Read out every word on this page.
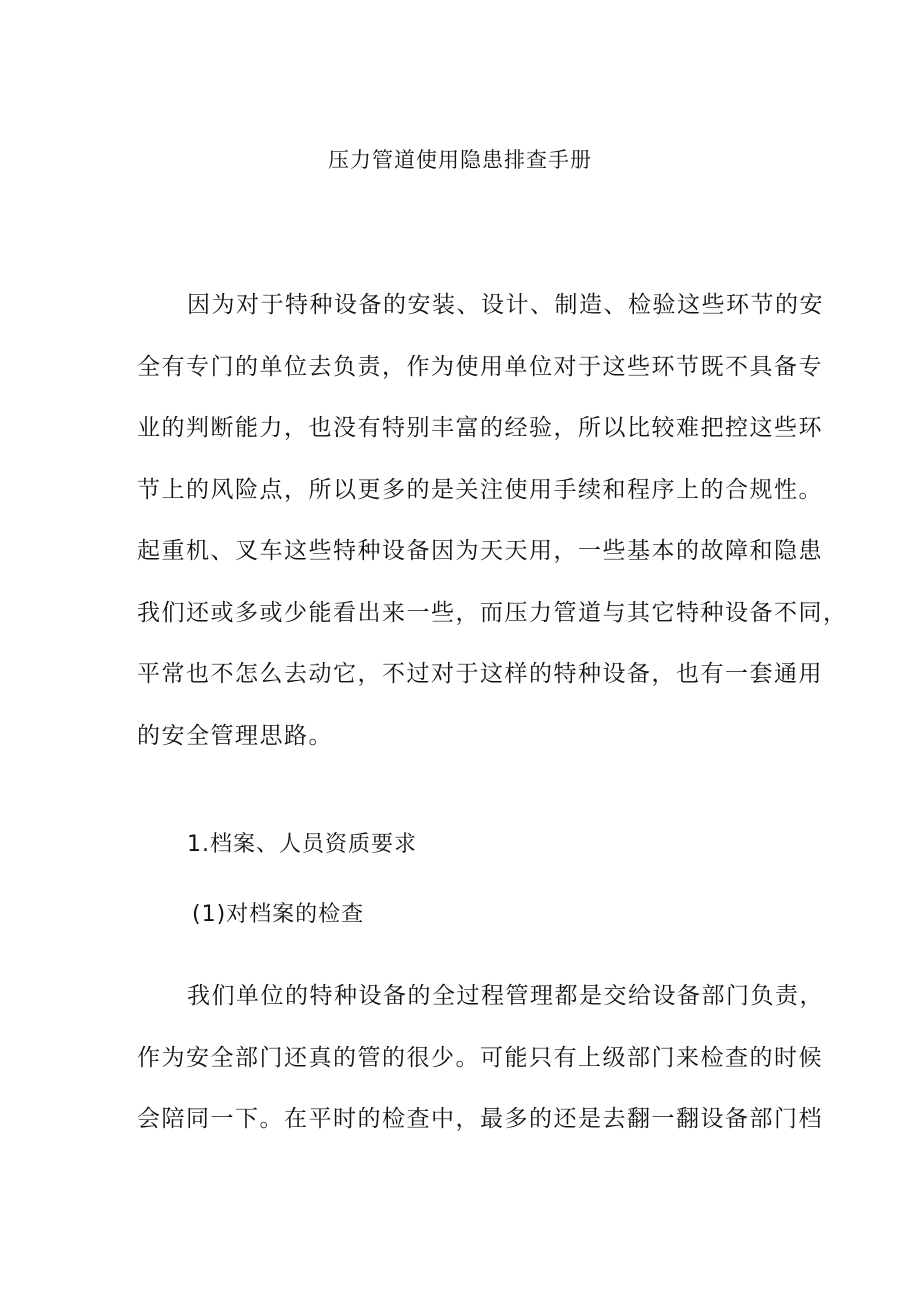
压力管道使用隐患排查手册
因为对于特种设备的安装、设计、制造、检验这些环节的安
全有专门的单位去负责，作为使用单位对于这些环节既不具备专
业的判断能力，也没有特别丰富的经验，所以比较难把控这些环
节上的风险点，所以更多的是关注使用手续和程序上的合规性。
起重机、叉车这些特种设备因为天天用，一些基本的故障和隐患
我们还或多或少能看出来一些，而压力管道与其它特种设备不同，
平常也不怎么去动它，不过对于这样的特种设备，也有一套通用
的安全管理思路。
1.档案、人员资质要求
(1)对档案的检查
我们单位的特种设备的全过程管理都是交给设备部门负责，
作为安全部门还真的管的很少。可能只有上级部门来检查的时候
会陪同一下。在平时的检查中，最多的还是去翻一翻设备部门档
